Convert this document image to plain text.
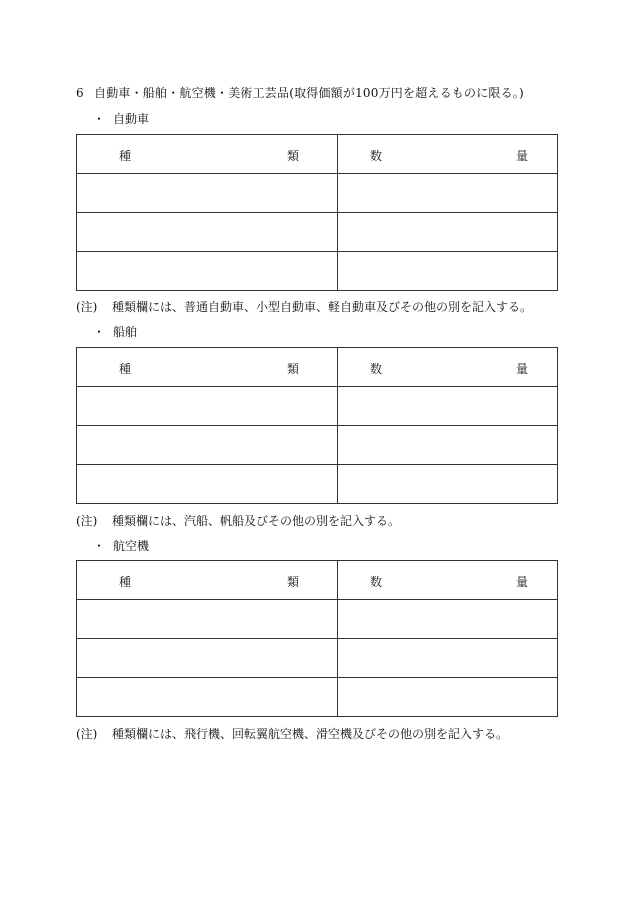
6 自動車・船舶・航空機・美術工芸品(取得価額が100万円を超えるものに限る。)
・ 自動車
種 類	数 量

(注) 種類欄には、普通自動車、小型自動車、軽自動車及びその他の別を記入する。
・ 船舶
種 類	数 量

(注) 種類欄には、汽船、帆船及びその他の別を記入する。
・ 航空機
種 類	数 量

(注) 種類欄には、飛行機、回転翼航空機、滑空機及びその他の別を記入する。
